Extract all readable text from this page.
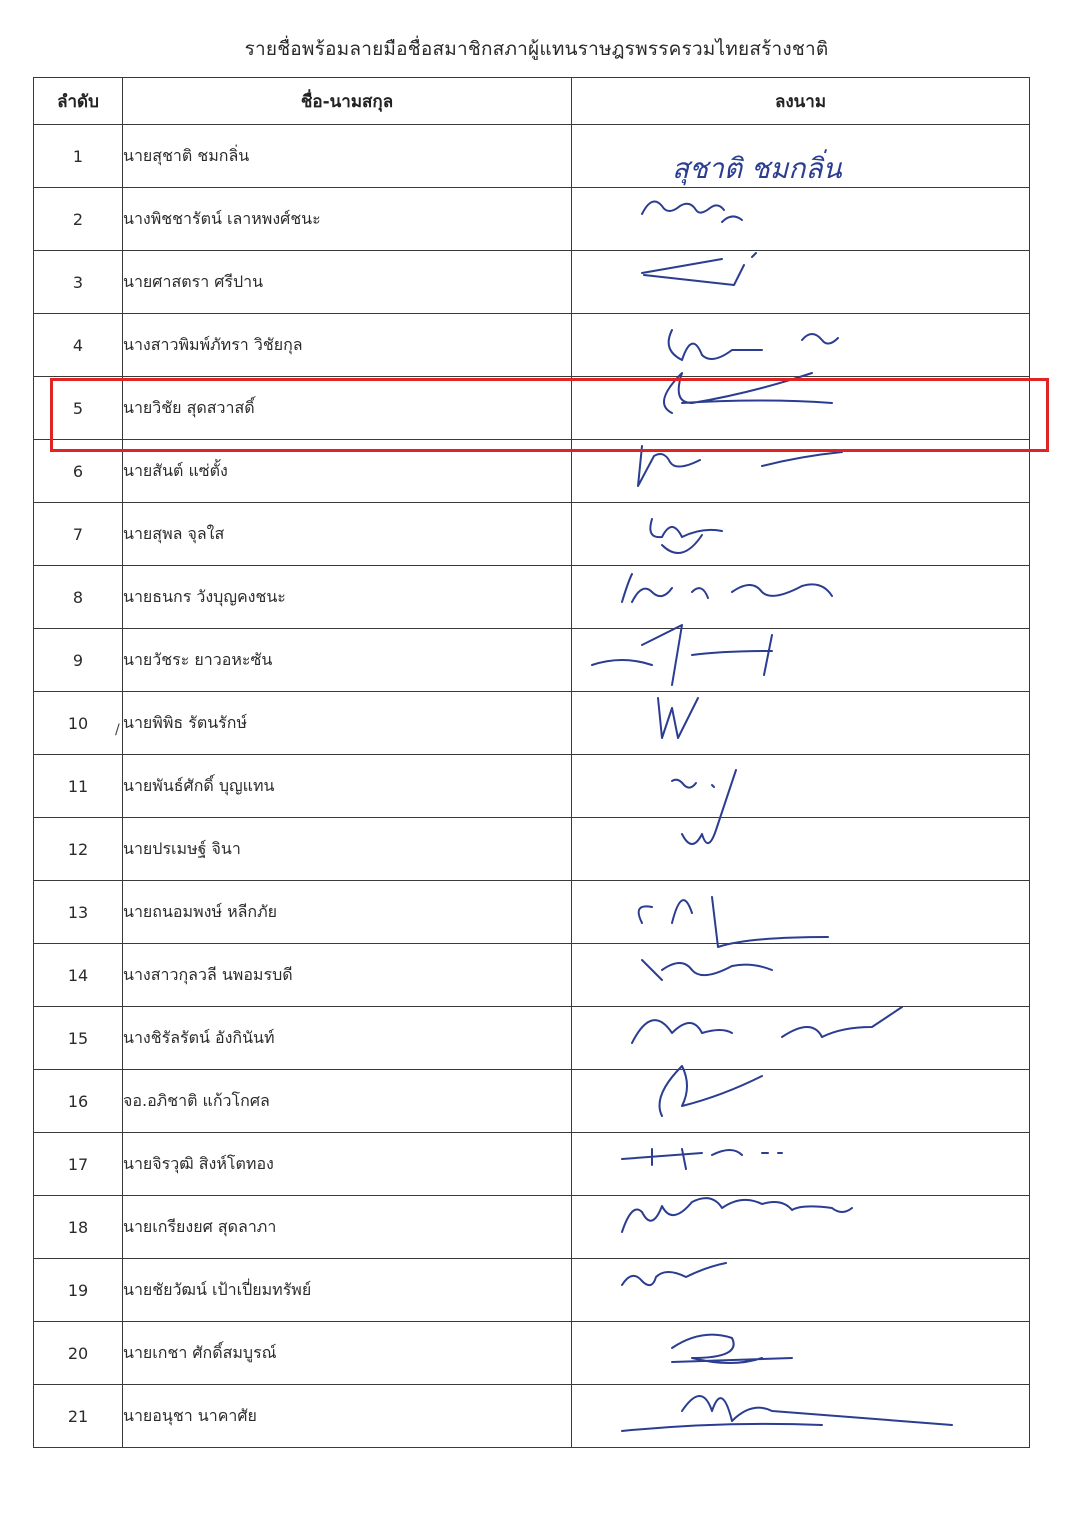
รายชื่อพร้อมลายมือชื่อสมาชิกสภาผู้แทนราษฎรพรรครวมไทยสร้างชาติ
ลำดับ	ชื่อ-นามสกุล	ลงนาม
1	นายสุชาติ ชมกลิ่น	สุชาติ ชมกลิ่น

2	นางพิชชารัตน์ เลาหพงศ์ชนะ	

3	นายศาสตรา ศรีปาน	

4	นางสาวพิมพ์ภัทรา วิชัยกุล	

5	นายวิชัย สุดสวาสดิ์	

6	นายสันต์ แซ่ตั้ง	

7	นายสุพล จุลใส	

8	นายธนกร วังบุญคงชนะ	

9	นายวัชระ ยาวอหะซัน	

10	นายพิพิธ รัตนรักษ์	

11	นายพันธ์ศักดิ์ บุญแทน	

12	นายปรเมษฐ์ จินา	

13	นายถนอมพงษ์ หลีกภัย	

14	นางสาวกุลวลี นพอมรบดี	

15	นางชิรัลรัตน์ อังกินันท์	

16	จอ.อภิชาติ แก้วโกศล	

17	นายจิรวุฒิ สิงห์โตทอง	

18	นายเกรียงยศ สุดลาภา	

19	นายชัยวัฒน์ เป้าเปี่ยมทรัพย์	

20	นายเกชา ศักดิ์สมบูรณ์	

21	นายอนุชา นาคาศัย	
/
